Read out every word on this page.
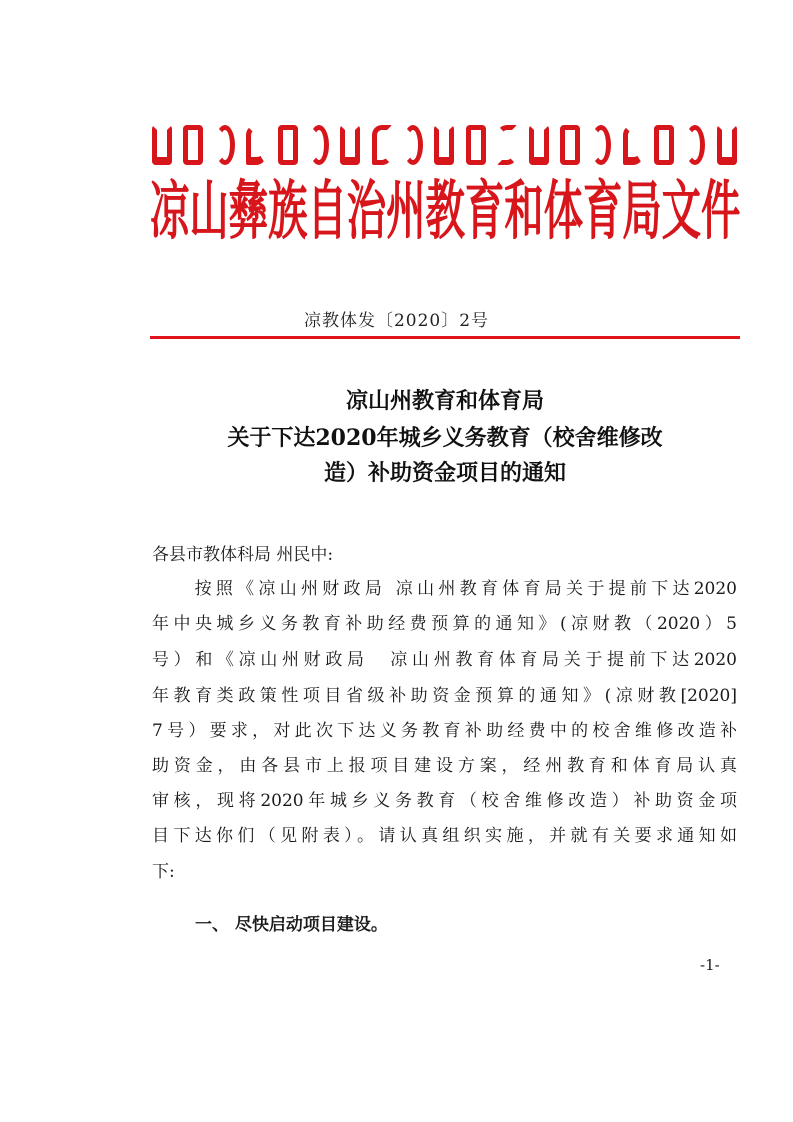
凉山彝族自治州教育和体育局文件
凉教体发〔2020〕2号
凉山州教育和体育局
关于下达2020年城乡义务教育（校舍维修改
造）补助资金项目的通知
各县市教体科局 州民中:
　　按照《凉山州财政局 凉山州教育体育局关于提前下达2020
年中央城乡义务教育补助经费预算的通知》(凉财教（2020）5
号）和《凉山州财政局　凉山州教育体育局关于提前下达2020
年教育类政策性项目省级补助资金预算的通知》(凉财教[2020]
7号）要求，对此次下达义务教育补助经费中的校舍维修改造补
助资金，由各县市上报项目建设方案，经州教育和体育局认真
审核，现将2020年城乡义务教育（校舍维修改造）补助资金项
目下达你们（见附表）。请认真组织实施，并就有关要求通知如
下:
一、 尽快启动项目建设。
-1-
